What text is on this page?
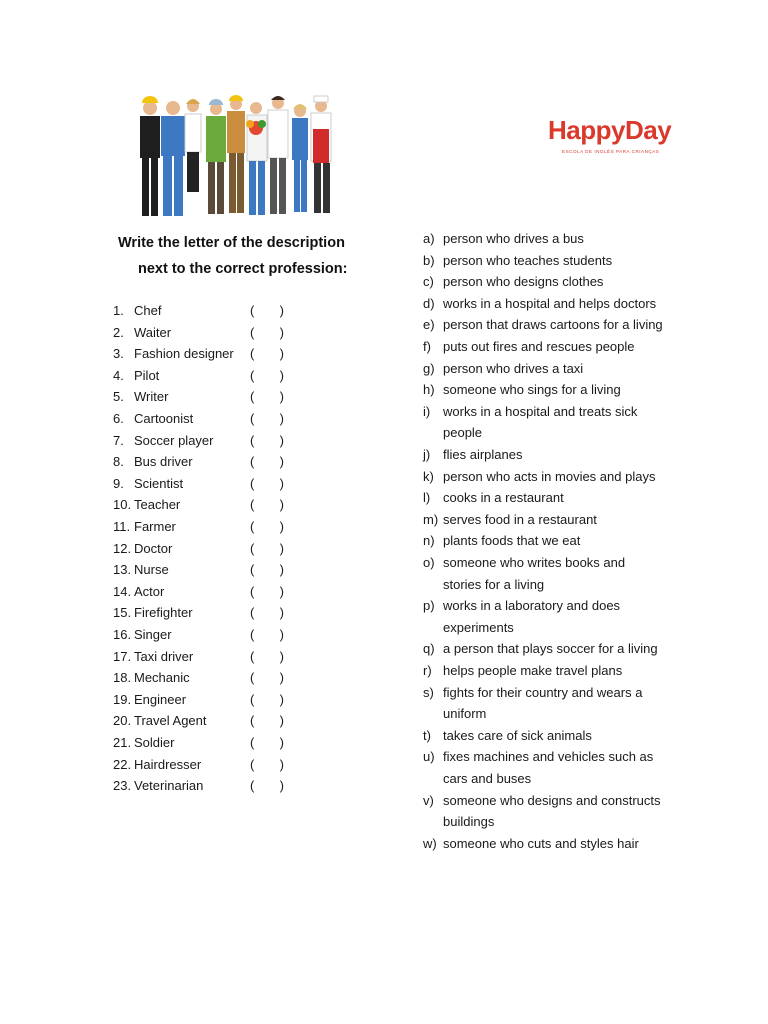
HappyDay
ESCOLA DE INGLÊS PARA CRIANÇAS
Write the letter of the description
next to the correct profession:
1. Chef	( )
2. Waiter	( )
3. Fashion designer ( )
4. Pilot	( )
5. Writer	( )
6. Cartoonist	( )
7. Soccer player	( )
8. Bus driver	( )
9. Scientist	( )
10. Teacher	( )
11. Farmer	( )
12. Doctor	( )
13. Nurse	( )
14. Actor	( )
15. Firefighter	( )
16. Singer	( )
17. Taxi driver	( )
18. Mechanic	( )
19. Engineer	( )
20. Travel Agent	( )
21. Soldier	( )
22. Hairdresser	( )
23. Veterinarian	( )
a) person who drives a bus
b) person who teaches students
c) person who designs clothes
d) works in a hospital and helps doctors
e) person that draws cartoons for a living
f) puts out fires and rescues people
g) person who drives a taxi
h) someone who sings for a living
i) works in a hospital and treats sick
people
j) flies airplanes
k) person who acts in movies and plays
l) cooks in a restaurant
m) serves food in a restaurant
n) plants foods that we eat
o) someone who writes books and
stories for a living
p) works in a laboratory and does
experiments
q) a person that plays soccer for a living
r) helps people make travel plans
s) fights for their country and wears a
uniform
t) takes care of sick animals
u) fixes machines and vehicles such as
cars and buses
v) someone who designs and constructs
buildings
w) someone who cuts and styles hair
